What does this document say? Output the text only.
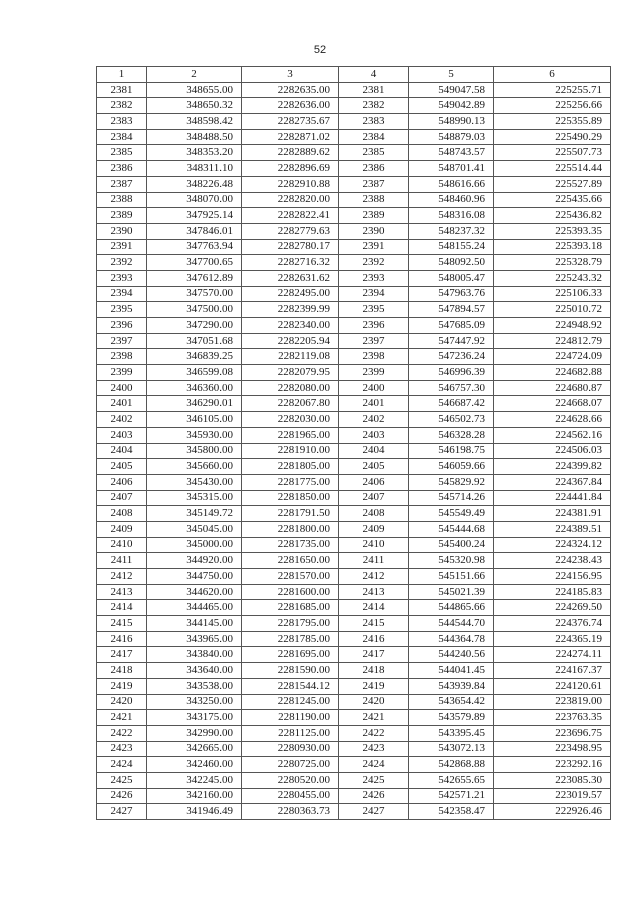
52
1	2	3	4	5	6
2381	348655.00	2282635.00	2381	549047.58	225255.71
2382	348650.32	2282636.00	2382	549042.89	225256.66
2383	348598.42	2282735.67	2383	548990.13	225355.89
2384	348488.50	2282871.02	2384	548879.03	225490.29
2385	348353.20	2282889.62	2385	548743.57	225507.73
2386	348311.10	2282896.69	2386	548701.41	225514.44
2387	348226.48	2282910.88	2387	548616.66	225527.89
2388	348070.00	2282820.00	2388	548460.96	225435.66
2389	347925.14	2282822.41	2389	548316.08	225436.82
2390	347846.01	2282779.63	2390	548237.32	225393.35
2391	347763.94	2282780.17	2391	548155.24	225393.18
2392	347700.65	2282716.32	2392	548092.50	225328.79
2393	347612.89	2282631.62	2393	548005.47	225243.32
2394	347570.00	2282495.00	2394	547963.76	225106.33
2395	347500.00	2282399.99	2395	547894.57	225010.72
2396	347290.00	2282340.00	2396	547685.09	224948.92
2397	347051.68	2282205.94	2397	547447.92	224812.79
2398	346839.25	2282119.08	2398	547236.24	224724.09
2399	346599.08	2282079.95	2399	546996.39	224682.88
2400	346360.00	2282080.00	2400	546757.30	224680.87
2401	346290.01	2282067.80	2401	546687.42	224668.07
2402	346105.00	2282030.00	2402	546502.73	224628.66
2403	345930.00	2281965.00	2403	546328.28	224562.16
2404	345800.00	2281910.00	2404	546198.75	224506.03
2405	345660.00	2281805.00	2405	546059.66	224399.82
2406	345430.00	2281775.00	2406	545829.92	224367.84
2407	345315.00	2281850.00	2407	545714.26	224441.84
2408	345149.72	2281791.50	2408	545549.49	224381.91
2409	345045.00	2281800.00	2409	545444.68	224389.51
2410	345000.00	2281735.00	2410	545400.24	224324.12
2411	344920.00	2281650.00	2411	545320.98	224238.43
2412	344750.00	2281570.00	2412	545151.66	224156.95
2413	344620.00	2281600.00	2413	545021.39	224185.83
2414	344465.00	2281685.00	2414	544865.66	224269.50
2415	344145.00	2281795.00	2415	544544.70	224376.74
2416	343965.00	2281785.00	2416	544364.78	224365.19
2417	343840.00	2281695.00	2417	544240.56	224274.11
2418	343640.00	2281590.00	2418	544041.45	224167.37
2419	343538.00	2281544.12	2419	543939.84	224120.61
2420	343250.00	2281245.00	2420	543654.42	223819.00
2421	343175.00	2281190.00	2421	543579.89	223763.35
2422	342990.00	2281125.00	2422	543395.45	223696.75
2423	342665.00	2280930.00	2423	543072.13	223498.95
2424	342460.00	2280725.00	2424	542868.88	223292.16
2425	342245.00	2280520.00	2425	542655.65	223085.30
2426	342160.00	2280455.00	2426	542571.21	223019.57
2427	341946.49	2280363.73	2427	542358.47	222926.46
